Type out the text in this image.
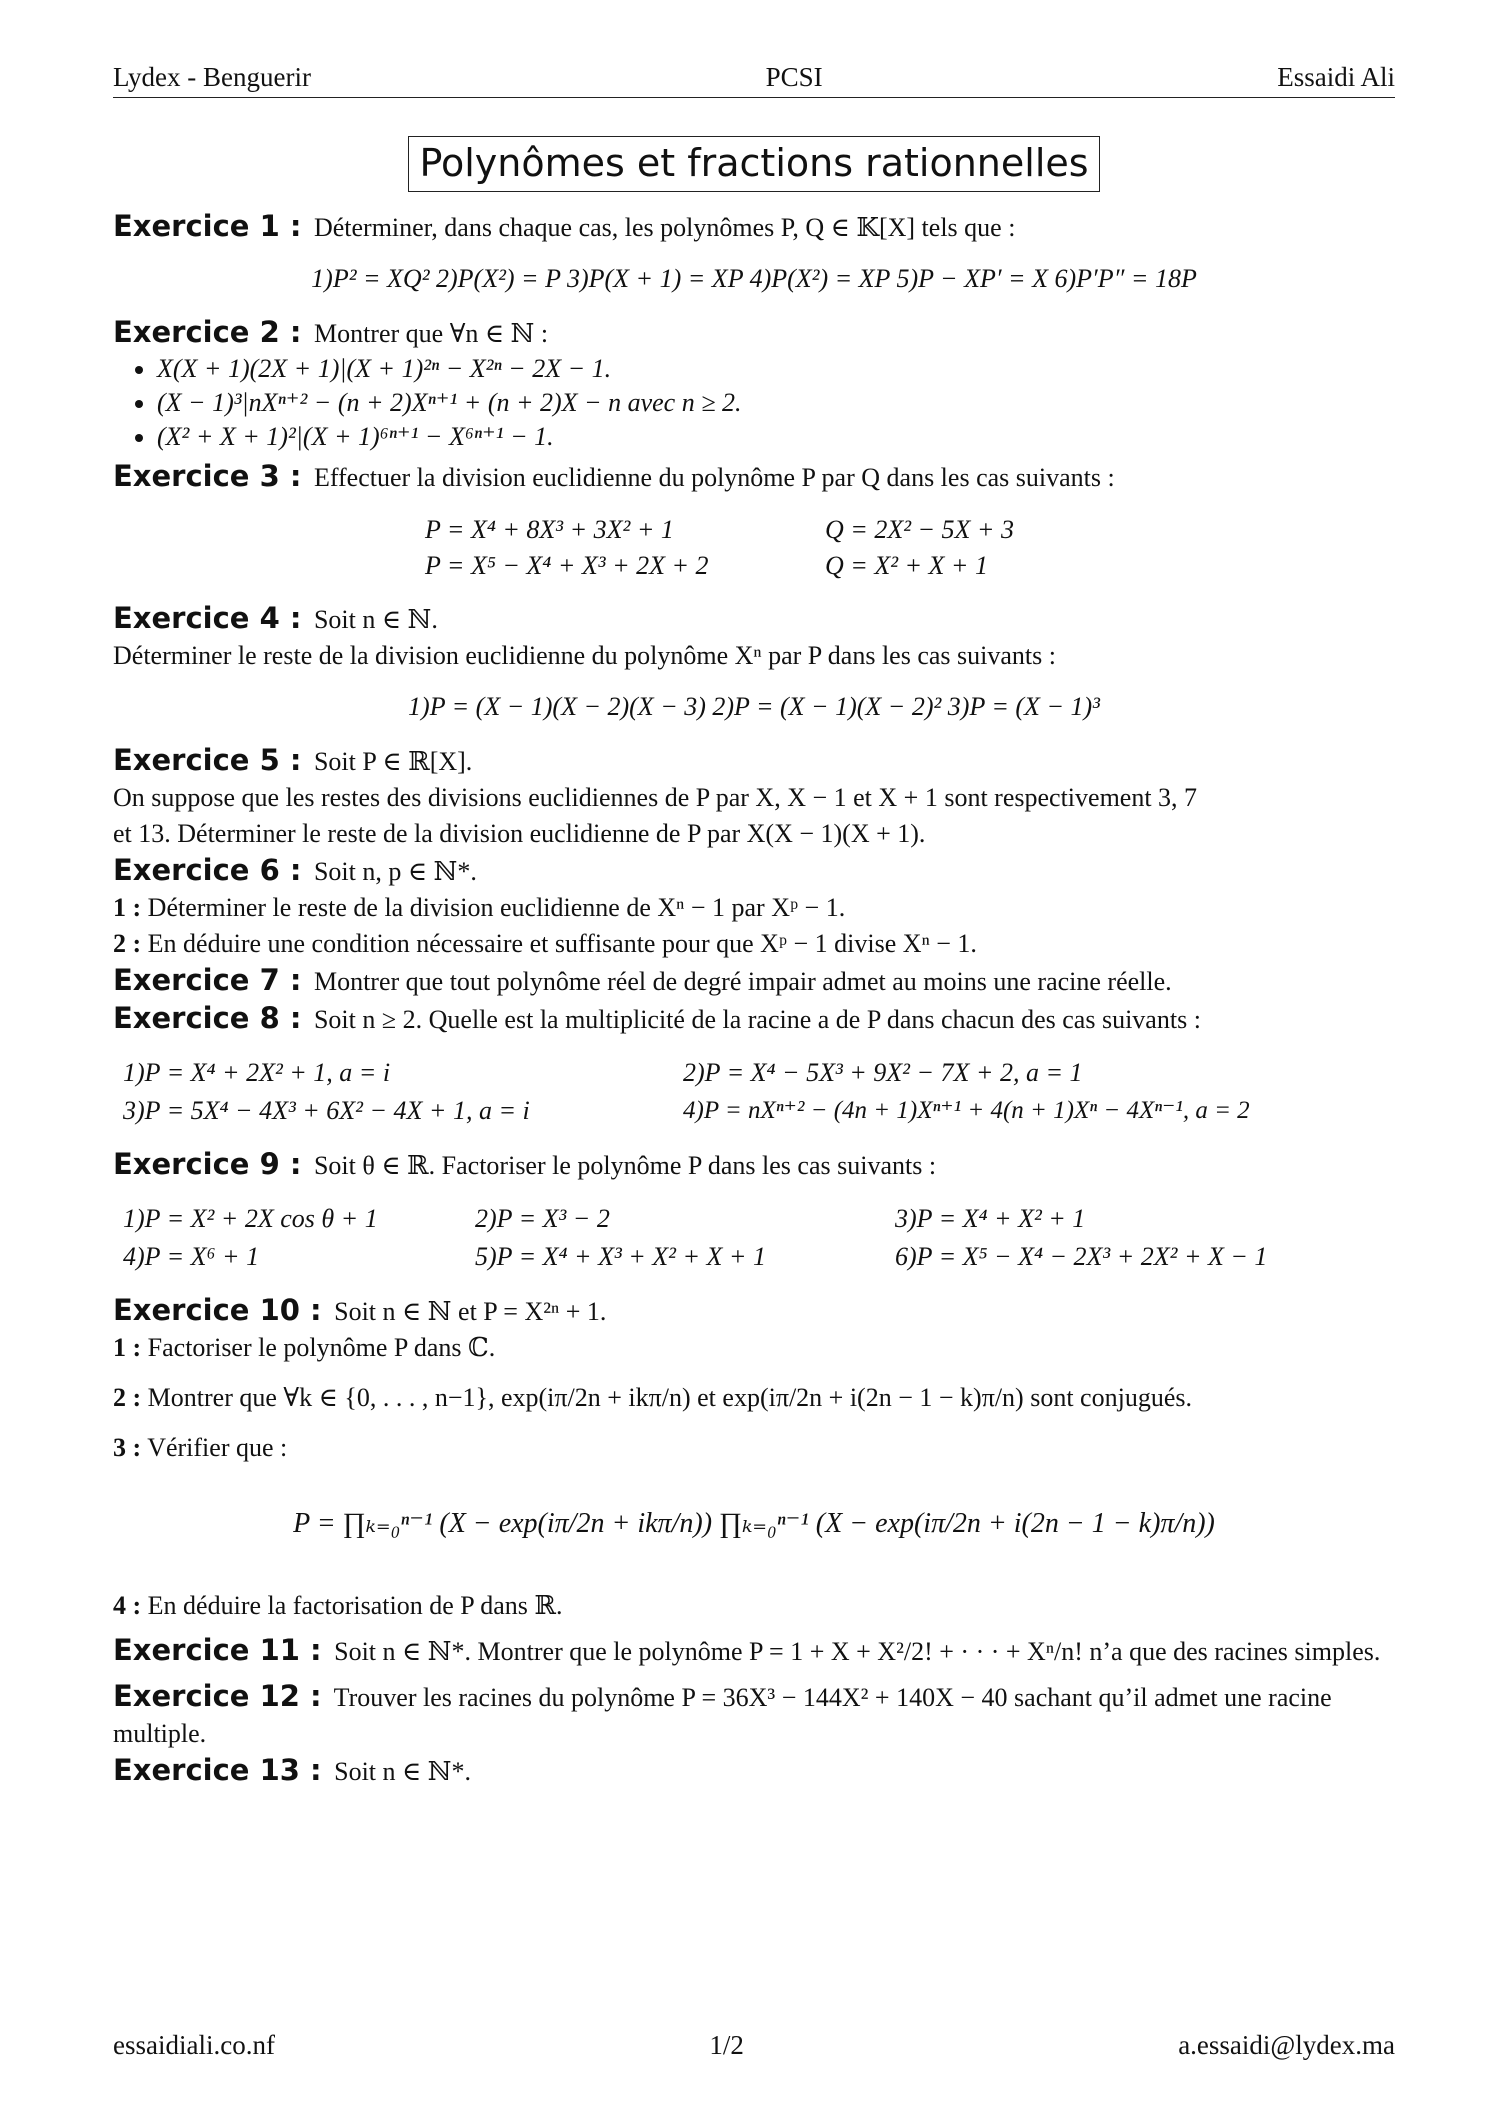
Lydex - Benguerir	PCSI	Essaidi Ali
Polynômes et fractions rationnelles
Exercice 1 : Déterminer, dans chaque cas, les polynômes P, Q ∈ 𝕂[X] tels que :
1)P² = XQ² 2)P(X²) = P 3)P(X + 1) = XP 4)P(X²) = XP 5)P − XP′ = X 6)P′P″ = 18P
Exercice 2 : Montrer que ∀n ∈ ℕ :
• X(X + 1)(2X + 1)|(X + 1)²ⁿ − X²ⁿ − 2X − 1.
• (X − 1)³|nXⁿ⁺² − (n + 2)Xⁿ⁺¹ + (n + 2)X − n avec n ≥ 2.
• (X² + X + 1)²|(X + 1)⁶ⁿ⁺¹ − X⁶ⁿ⁺¹ − 1.
Exercice 3 : Effectuer la division euclidienne du polynôme P par Q dans les cas suivants :
P = X⁴ + 8X³ + 3X² + 1	Q = 2X² − 5X + 3
P = X⁵ − X⁴ + X³ + 2X + 2	Q = X² + X + 1
Exercice 4 : Soit n ∈ ℕ.
Déterminer le reste de la division euclidienne du polynôme Xⁿ par P dans les cas suivants :
1)P = (X − 1)(X − 2)(X − 3) 2)P = (X − 1)(X − 2)² 3)P = (X − 1)³
Exercice 5 : Soit P ∈ ℝ[X].
On suppose que les restes des divisions euclidiennes de P par X, X − 1 et X + 1 sont respectivement 3, 7
et 13. Déterminer le reste de la division euclidienne de P par X(X − 1)(X + 1).
Exercice 6 : Soit n, p ∈ ℕ*.
1 : Déterminer le reste de la division euclidienne de Xⁿ − 1 par Xᵖ − 1.
2 : En déduire une condition nécessaire et suffisante pour que Xᵖ − 1 divise Xⁿ − 1.
Exercice 7 : Montrer que tout polynôme réel de degré impair admet au moins une racine réelle.
Exercice 8 : Soit n ≥ 2. Quelle est la multiplicité de la racine a de P dans chacun des cas suivants :
1)P = X⁴ + 2X² + 1, a = i	2)P = X⁴ − 5X³ + 9X² − 7X + 2, a = 1
3)P = 5X⁴ − 4X³ + 6X² − 4X + 1, a = i	4)P = nXⁿ⁺² − (4n + 1)Xⁿ⁺¹ + 4(n + 1)Xⁿ − 4Xⁿ⁻¹, a = 2
Exercice 9 : Soit θ ∈ ℝ. Factoriser le polynôme P dans les cas suivants :
1)P = X² + 2X cos θ + 1	2)P = X³ − 2	3)P = X⁴ + X² + 1
4)P = X⁶ + 1	5)P = X⁴ + X³ + X² + X + 1	6)P = X⁵ − X⁴ − 2X³ + 2X² + X − 1
Exercice 10 : Soit n ∈ ℕ et P = X²ⁿ + 1.
1 : Factoriser le polynôme P dans ℂ.
2 : Montrer que ∀k ∈ {0, . . . , n−1}, exp(iπ/2n + ikπ/n) et exp(iπ/2n + i(2n − 1 − k)π/n) sont conjugués.
3 : Vérifier que :
P = ∏ₖ₌₀ⁿ⁻¹ (X − exp(iπ/2n + ikπ/n)) ∏ₖ₌₀ⁿ⁻¹ (X − exp(iπ/2n + i(2n − 1 − k)π/n))
4 : En déduire la factorisation de P dans ℝ.
Exercice 11 : Soit n ∈ ℕ*. Montrer que le polynôme P = 1 + X + X²/2! + · · · + Xⁿ/n! n’a que des racines simples.
Exercice 12 : Trouver les racines du polynôme P = 36X³ − 144X² + 140X − 40 sachant qu’il admet une racine multiple.
Exercice 13 : Soit n ∈ ℕ*.
essaidiali.co.nf	1/2	a.essaidi@lydex.ma
